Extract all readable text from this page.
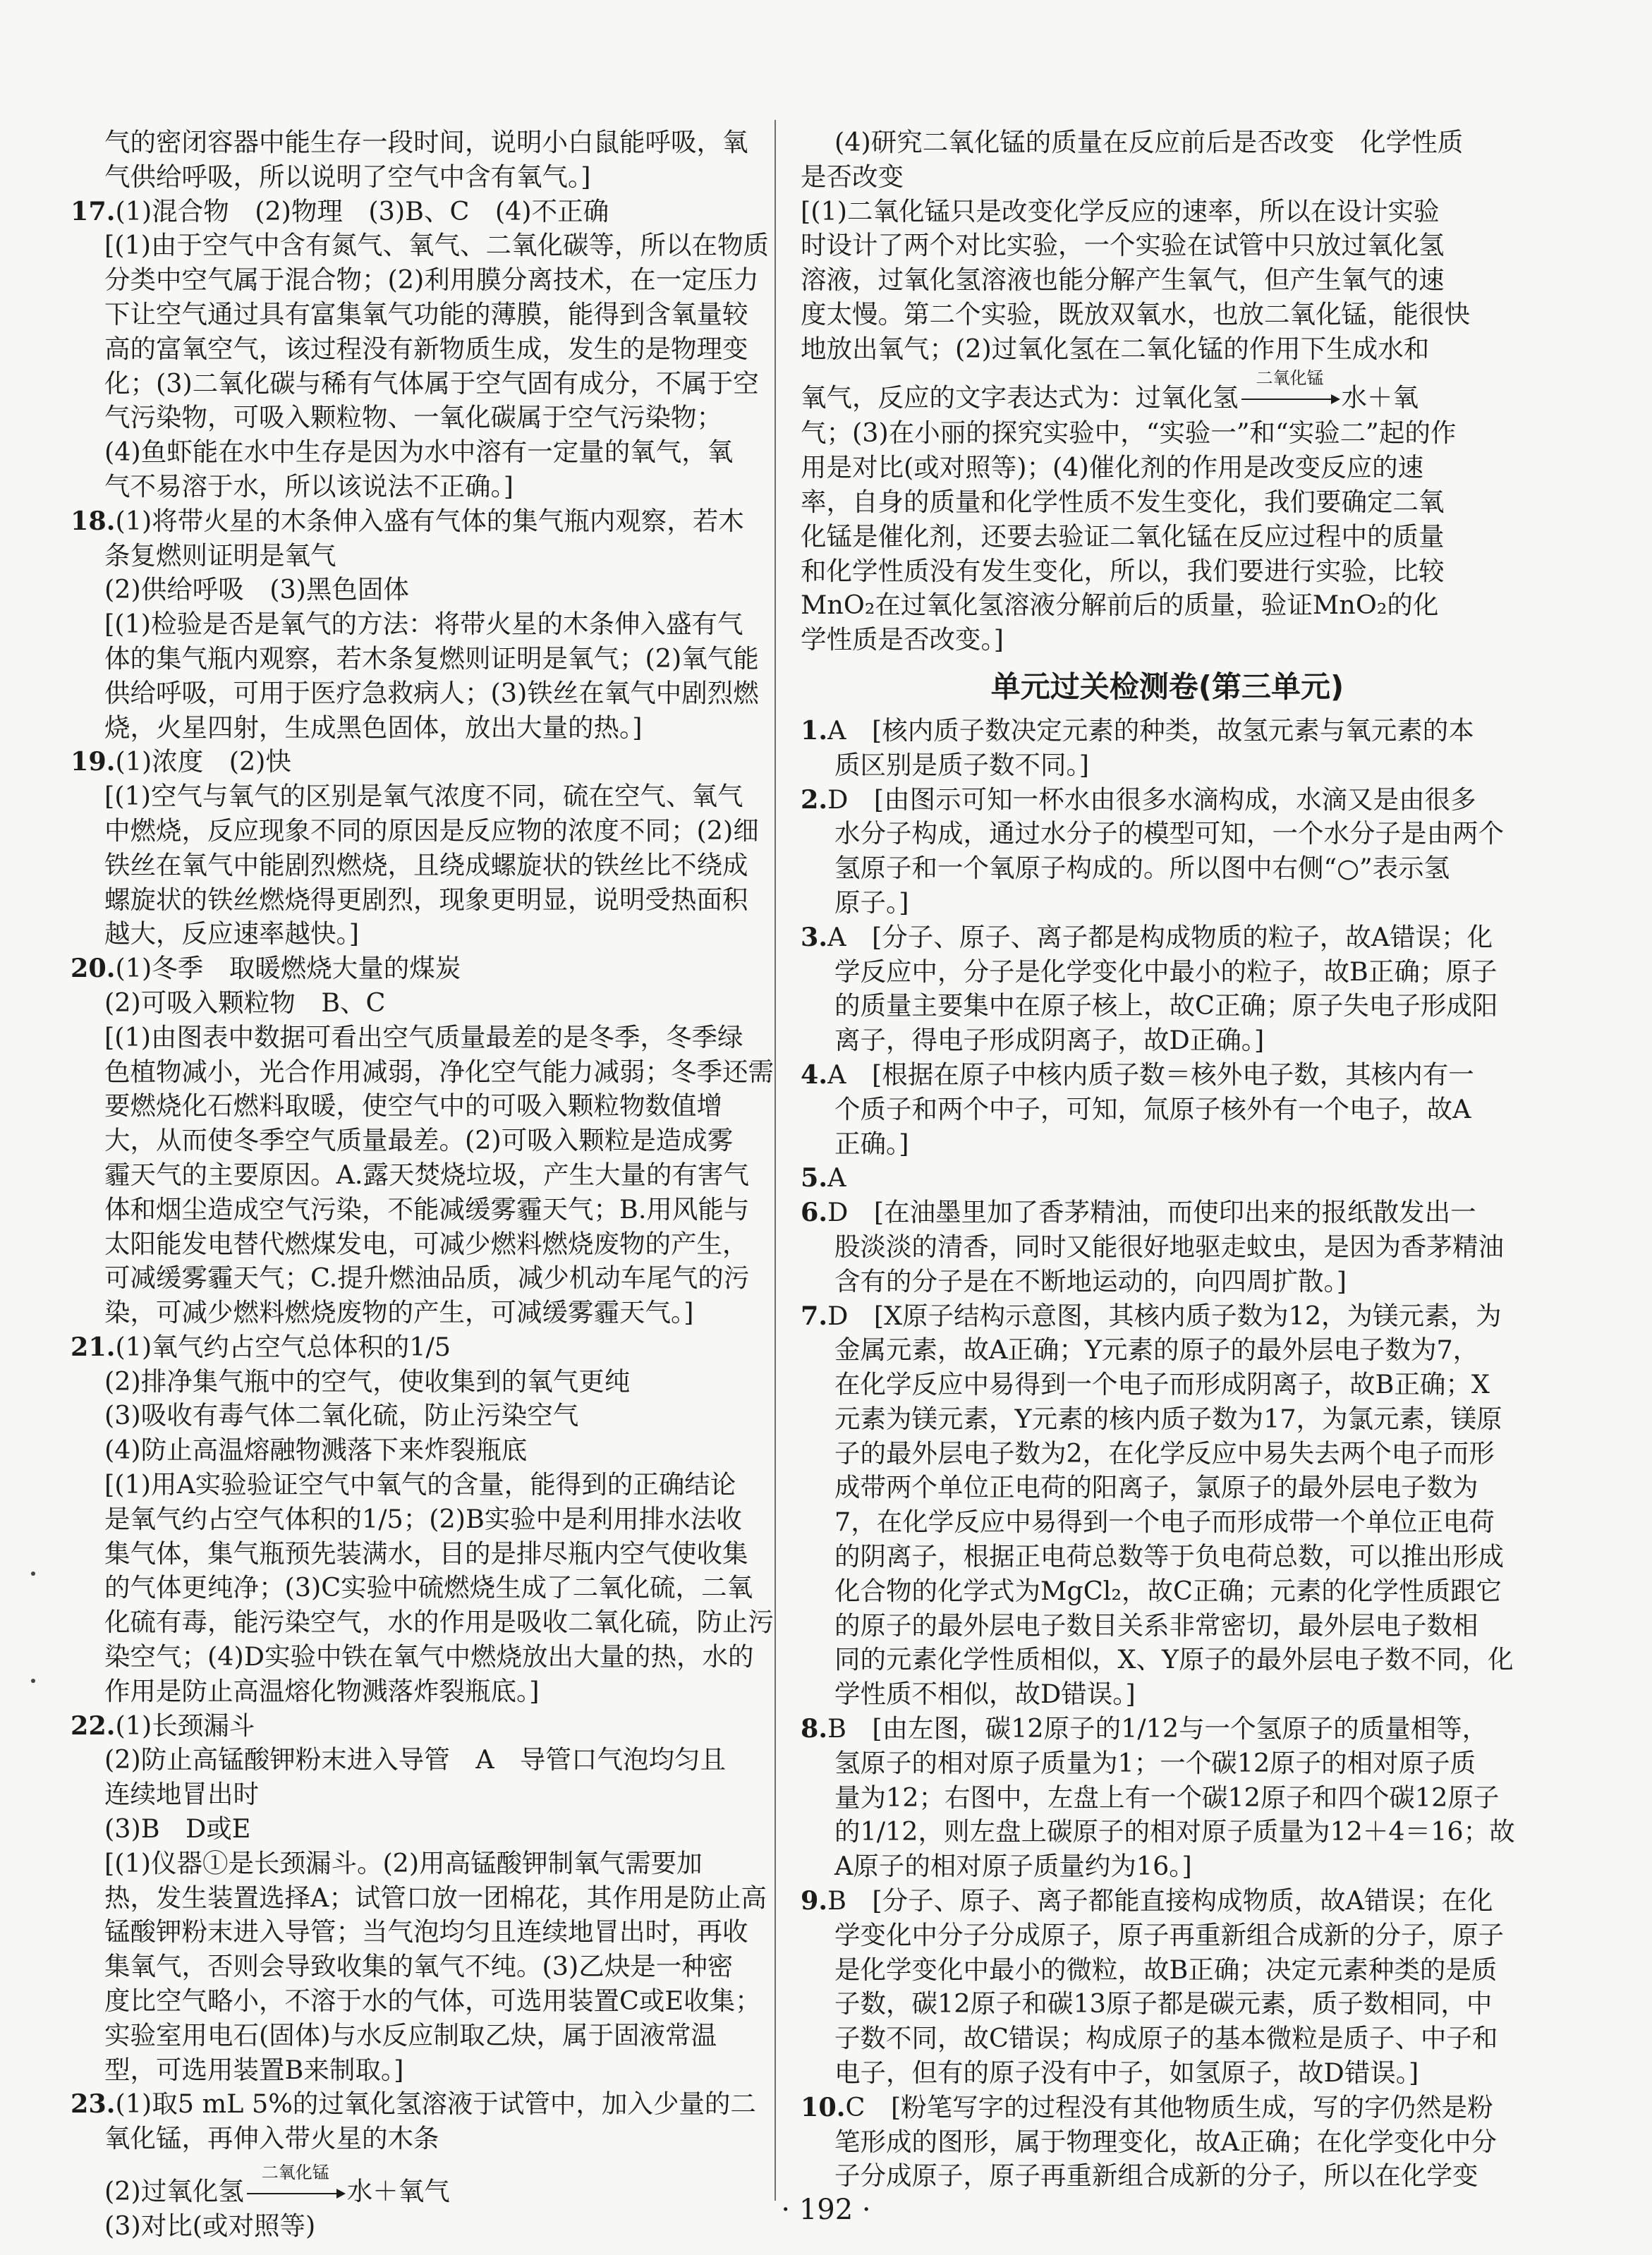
气的密闭容器中能生存一段时间，说明小白鼠能呼吸，氧
气供给呼吸，所以说明了空气中含有氧气。]
17.(1)混合物　(2)物理　(3)B、C　(4)不正确
[(1)由于空气中含有氮气、氧气、二氧化碳等，所以在物质
分类中空气属于混合物；(2)利用膜分离技术，在一定压力
下让空气通过具有富集氧气功能的薄膜，能得到含氧量较
高的富氧空气，该过程没有新物质生成，发生的是物理变
化；(3)二氧化碳与稀有气体属于空气固有成分，不属于空
气污染物，可吸入颗粒物、一氧化碳属于空气污染物；
(4)鱼虾能在水中生存是因为水中溶有一定量的氧气，氧
气不易溶于水，所以该说法不正确。]
18.(1)将带火星的木条伸入盛有气体的集气瓶内观察，若木
条复燃则证明是氧气
(2)供给呼吸　(3)黑色固体
[(1)检验是否是氧气的方法：将带火星的木条伸入盛有气
体的集气瓶内观察，若木条复燃则证明是氧气；(2)氧气能
供给呼吸，可用于医疗急救病人；(3)铁丝在氧气中剧烈燃
烧，火星四射，生成黑色固体，放出大量的热。]
19.(1)浓度　(2)快
[(1)空气与氧气的区别是氧气浓度不同，硫在空气、氧气
中燃烧，反应现象不同的原因是反应物的浓度不同；(2)细
铁丝在氧气中能剧烈燃烧，且绕成螺旋状的铁丝比不绕成
螺旋状的铁丝燃烧得更剧烈，现象更明显，说明受热面积
越大，反应速率越快。]
20.(1)冬季　取暖燃烧大量的煤炭
(2)可吸入颗粒物　B、C
[(1)由图表中数据可看出空气质量最差的是冬季，冬季绿
色植物减小，光合作用减弱，净化空气能力减弱；冬季还需
要燃烧化石燃料取暖，使空气中的可吸入颗粒物数值增
大，从而使冬季空气质量最差。(2)可吸入颗粒是造成雾
霾天气的主要原因。A.露天焚烧垃圾，产生大量的有害气
体和烟尘造成空气污染，不能减缓雾霾天气；B.用风能与
太阳能发电替代燃煤发电，可减少燃料燃烧废物的产生，
可减缓雾霾天气；C.提升燃油品质，减少机动车尾气的污
染，可减少燃料燃烧废物的产生，可减缓雾霾天气。]
21.(1)氧气约占空气总体积的1/5
(2)排净集气瓶中的空气，使收集到的氧气更纯
(3)吸收有毒气体二氧化硫，防止污染空气
(4)防止高温熔融物溅落下来炸裂瓶底
[(1)用A实验验证空气中氧气的含量，能得到的正确结论
是氧气约占空气体积的1/5；(2)B实验中是利用排水法收
集气体，集气瓶预先装满水，目的是排尽瓶内空气使收集
的气体更纯净；(3)C实验中硫燃烧生成了二氧化硫，二氧
化硫有毒，能污染空气，水的作用是吸收二氧化硫，防止污
染空气；(4)D实验中铁在氧气中燃烧放出大量的热，水的
作用是防止高温熔化物溅落炸裂瓶底。]
22.(1)长颈漏斗
(2)防止高锰酸钾粉末进入导管　A　导管口气泡均匀且
连续地冒出时
(3)B　D或E
[(1)仪器①是长颈漏斗。(2)用高锰酸钾制氧气需要加
热，发生装置选择A；试管口放一团棉花，其作用是防止高
锰酸钾粉末进入导管；当气泡均匀且连续地冒出时，再收
集氧气，否则会导致收集的氧气不纯。(3)乙炔是一种密
度比空气略小，不溶于水的气体，可选用装置C或E收集；
实验室用电石(固体)与水反应制取乙炔，属于固液常温
型，可选用装置B来制取。]
23.(1)取5 mL 5%的过氧化氢溶液于试管中，加入少量的二
氧化锰，再伸入带火星的木条
(2)过氧化氢
二氧化锰
水＋氧气
(3)对比(或对照等)
(4)研究二氧化锰的质量在反应前后是否改变　化学性质
是否改变
[(1)二氧化锰只是改变化学反应的速率，所以在设计实验
时设计了两个对比实验，一个实验在试管中只放过氧化氢
溶液，过氧化氢溶液也能分解产生氧气，但产生氧气的速
度太慢。第二个实验，既放双氧水，也放二氧化锰，能很快
地放出氧气；(2)过氧化氢在二氧化锰的作用下生成水和
氧气，反应的文字表达式为：过氧化氢
二氧化锰
水＋氧
气；(3)在小丽的探究实验中，“实验一”和“实验二”起的作
用是对比(或对照等)；(4)催化剂的作用是改变反应的速
率，自身的质量和化学性质不发生变化，我们要确定二氧
化锰是催化剂，还要去验证二氧化锰在反应过程中的质量
和化学性质没有发生变化，所以，我们要进行实验，比较
MnO₂在过氧化氢溶液分解前后的质量，验证MnO₂的化
学性质是否改变。]
单元过关检测卷(第三单元)
1.A　[核内质子数决定元素的种类，故氢元素与氧元素的本
质区别是质子数不同。]
2.D　[由图示可知一杯水由很多水滴构成，水滴又是由很多
水分子构成，通过水分子的模型可知，一个水分子是由两个
氢原子和一个氧原子构成的。所以图中右侧“○”表示氢
原子。]
3.A　[分子、原子、离子都是构成物质的粒子，故A错误；化
学反应中，分子是化学变化中最小的粒子，故B正确；原子
的质量主要集中在原子核上，故C正确；原子失电子形成阳
离子，得电子形成阴离子，故D正确。]
4.A　[根据在原子中核内质子数＝核外电子数，其核内有一
个质子和两个中子，可知，氚原子核外有一个电子，故A
正确。]
5.A
6.D　[在油墨里加了香茅精油，而使印出来的报纸散发出一
股淡淡的清香，同时又能很好地驱走蚊虫，是因为香茅精油
含有的分子是在不断地运动的，向四周扩散。]
7.D　[X原子结构示意图，其核内质子数为12，为镁元素，为
金属元素，故A正确；Y元素的原子的最外层电子数为7，
在化学反应中易得到一个电子而形成阴离子，故B正确；X
元素为镁元素，Y元素的核内质子数为17，为氯元素，镁原
子的最外层电子数为2，在化学反应中易失去两个电子而形
成带两个单位正电荷的阳离子，氯原子的最外层电子数为
7，在化学反应中易得到一个电子而形成带一个单位正电荷
的阴离子，根据正电荷总数等于负电荷总数，可以推出形成
化合物的化学式为MgCl₂，故C正确；元素的化学性质跟它
的原子的最外层电子数目关系非常密切，最外层电子数相
同的元素化学性质相似，X、Y原子的最外层电子数不同，化
学性质不相似，故D错误。]
8.B　[由左图，碳12原子的1/12与一个氢原子的质量相等，
氢原子的相对原子质量为1；一个碳12原子的相对原子质
量为12；右图中，左盘上有一个碳12原子和四个碳12原子
的1/12，则左盘上碳原子的相对原子质量为12＋4＝16；故
A原子的相对原子质量约为16。]
9.B　[分子、原子、离子都能直接构成物质，故A错误；在化
学变化中分子分成原子，原子再重新组合成新的分子，原子
是化学变化中最小的微粒，故B正确；决定元素种类的是质
子数，碳12原子和碳13原子都是碳元素，质子数相同，中
子数不同，故C错误；构成原子的基本微粒是质子、中子和
电子，但有的原子没有中子，如氢原子，故D错误。]
10.C　[粉笔写字的过程没有其他物质生成，写的字仍然是粉
笔形成的图形，属于物理变化，故A正确；在化学变化中分
子分成原子，原子再重新组合成新的分子，所以在化学变
· 192 ·
